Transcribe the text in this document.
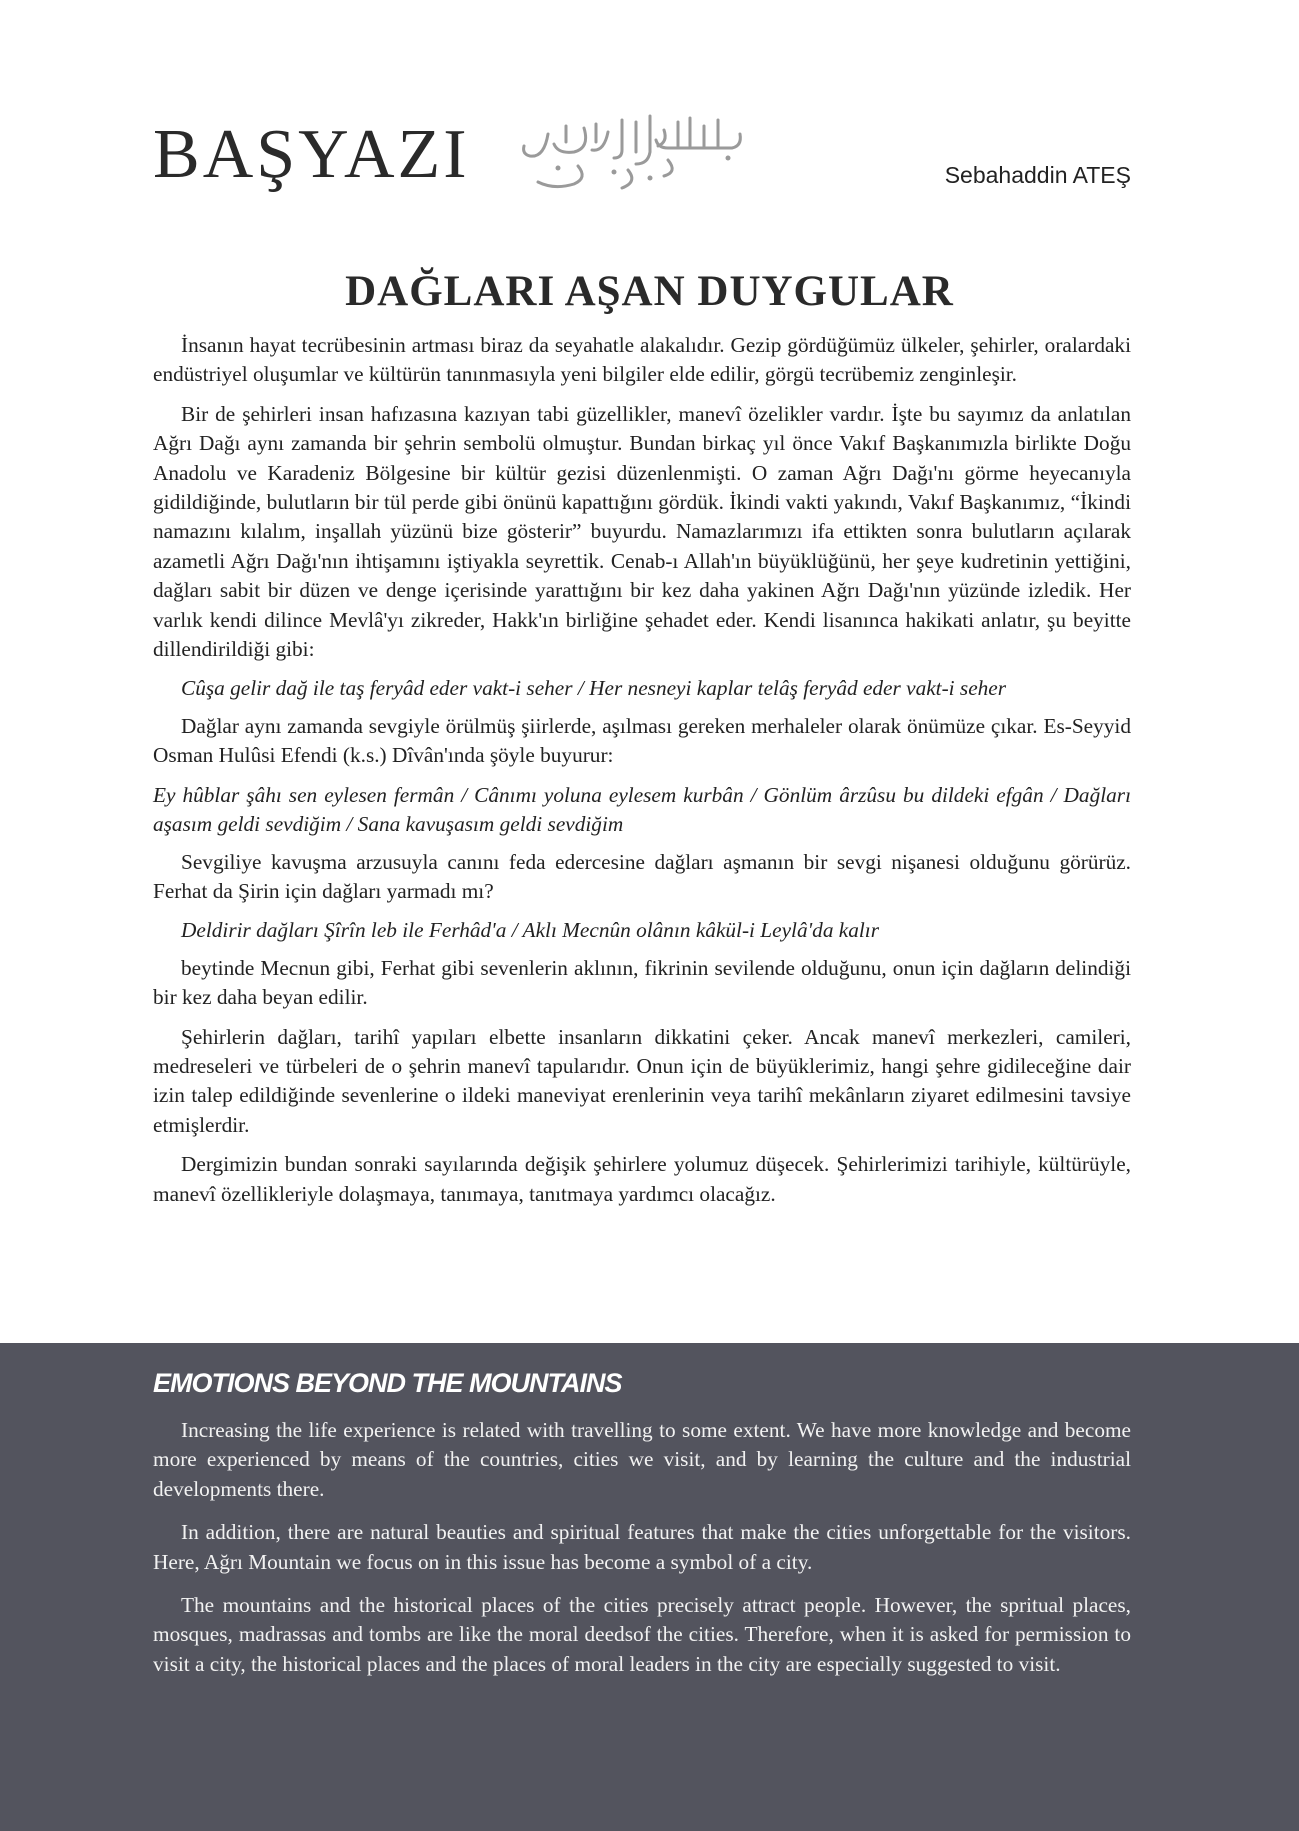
BAŞYAZI	Sebahaddin ATEŞ
DAĞLARI AŞAN DUYGULAR

İnsanın hayat tecrübesinin artması biraz da seyahatle alakalıdır. Gezip gördüğümüz ülkeler, şehirler, oralardaki endüstriyel oluşumlar ve kültürün tanınmasıyla yeni bilgiler elde edilir, görgü tecrübemiz zenginleşir.

Bir de şehirleri insan hafızasına kazıyan tabi güzellikler, manevî özelikler vardır. İşte bu sayımız da anlatılan Ağrı Dağı aynı zamanda bir şehrin sembolü olmuştur. Bundan birkaç yıl önce Vakıf Başkanımızla birlikte Doğu Anadolu ve Karadeniz Bölgesine bir kültür gezisi düzenlenmişti. O zaman Ağrı Dağı'nı görme heyecanıyla gidildiğinde, bulutların bir tül perde gibi önünü kapattığını gördük. İkindi vakti yakındı, Vakıf Başkanımız, “İkindi namazını kılalım, inşallah yüzünü bize gösterir” buyurdu. Namazlarımızı ifa ettikten sonra bulutların açılarak azametli Ağrı Dağı'nın ihtişamını iştiyakla seyrettik. Cenab-ı Allah'ın büyüklüğünü, her şeye kudretinin yettiğini, dağları sabit bir düzen ve denge içerisinde yarattığını bir kez daha yakinen Ağrı Dağı'nın yüzünde izledik. Her varlık kendi dilince Mevlâ'yı zikreder, Hakk'ın birliğine şehadet eder. Kendi lisanınca hakikati anlatır, şu beyitte dillendirildiği gibi:

Cûşa gelir dağ ile taş feryâd eder vakt-i seher / Her nesneyi kaplar telâş feryâd eder vakt-i seher

Dağlar aynı zamanda sevgiyle örülmüş şiirlerde, aşılması gereken merhaleler olarak önümüze çıkar. Es-Seyyid Osman Hulûsi Efendi (k.s.) Dîvân'ında şöyle buyurur:

Ey hûblar şâhı sen eylesen fermân / Cânımı yoluna eylesem kurbân / Gönlüm ârzûsu bu dildeki efgân / Dağları aşasım geldi sevdiğim / Sana kavuşasım geldi sevdiğim

Sevgiliye kavuşma arzusuyla canını feda edercesine dağları aşmanın bir sevgi nişanesi olduğunu görürüz. Ferhat da Şirin için dağları yarmadı mı?

Deldirir dağları Şîrîn leb ile Ferhâd'a / Aklı Mecnûn olânın kâkül-i Leylâ'da kalır

beytinde Mecnun gibi, Ferhat gibi sevenlerin aklının, fikrinin sevilende olduğunu, onun için dağların delindiği bir kez daha beyan edilir.

Şehirlerin dağları, tarihî yapıları elbette insanların dikkatini çeker. Ancak manevî merkezleri, camileri, medreseleri ve türbeleri de o şehrin manevî tapularıdır. Onun için de büyüklerimiz, hangi şehre gidileceğine dair izin talep edildiğinde sevenlerine o ildeki maneviyat erenlerinin veya tarihî mekânların ziyaret edilmesini tavsiye etmişlerdir.

Dergimizin bundan sonraki sayılarında değişik şehirlere yolumuz düşecek. Şehirlerimizi tarihiyle, kültürüyle, manevî özellikleriyle dolaşmaya, tanımaya, tanıtmaya yardımcı olacağız.

EMOTIONS BEYOND THE MOUNTAINS

Increasing the life experience is related with travelling to some extent. We have more knowledge and become more experienced by means of the countries, cities we visit, and by learning the culture and the industrial developments there.

In addition, there are natural beauties and spiritual features that make the cities unforgettable for the visitors. Here, Ağrı Mountain we focus on in this issue has become a symbol of a city.

The mountains and the historical places of the cities precisely attract people. However, the spritual places, mosques, madrassas and tombs are like the moral deedsof the cities. Therefore, when it is asked for permission to visit a city, the historical places and the places of moral leaders in the city are especially suggested to visit.
